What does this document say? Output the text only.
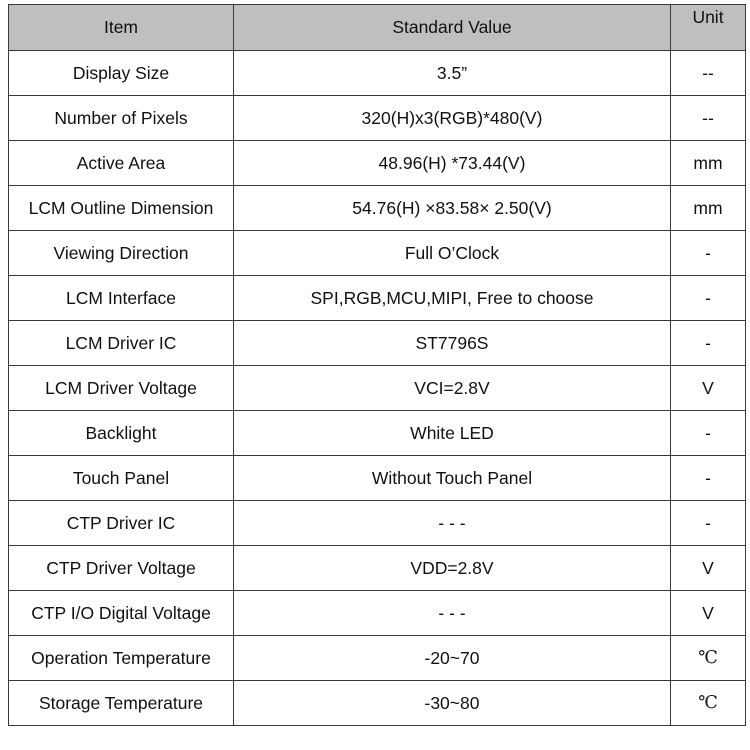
Item	Standard Value	Unit
Display Size	3.5”	--
Number of Pixels	320(H)x3(RGB)*480(V)	--
Active Area	48.96(H) *73.44(V)	mm
LCM Outline Dimension	54.76(H) ×83.58× 2.50(V)	mm
Viewing Direction	Full O’Clock	-
LCM Interface	SPI,RGB,MCU,MIPI, Free to choose	-
LCM Driver IC	ST7796S	-
LCM Driver Voltage	VCI=2.8V	V
Backlight	White LED	-
Touch Panel	Without Touch Panel	-
CTP Driver IC	- - -	-
CTP Driver Voltage	VDD=2.8V	V
CTP I/O Digital Voltage	- - -	V
Operation Temperature	-20~70	℃
Storage Temperature	-30~80	℃
